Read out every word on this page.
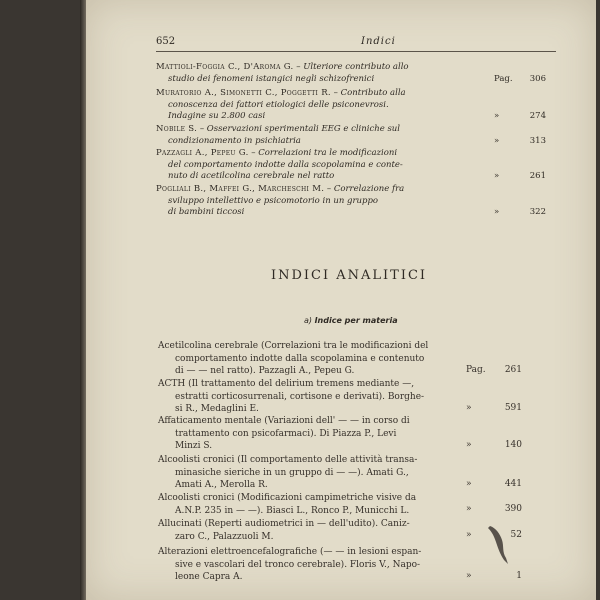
652	Indici
Mattioli-Foggia C., D'Aroma G. – Ulteriore contributo allo
studio dei fenomeni istangici negli schizofrenici	Pag. 306
Muratorio A., Simonetti C., Poggetti R. – Contributo alla
conoscenza dei fattori etiologici delle psiconevrosi.
Indagine su 2.800 casi	»	274
Nobile S. – Osservazioni sperimentali EEG e cliniche sul
condizionamento in psichiatria	»	313
Pazzagli A., Pepeu G. – Correlazioni tra le modificazioni
del comportamento indotte dalla scopolamina e conte-
nuto di acetilcolina cerebrale nel ratto	»	261
Pogliali B., Maffei G., Marcheschi M. – Correlazione fra
sviluppo intellettivo e psicomotorio in un gruppo
di bambini ticcosi	»	322
INDICI ANALITICI
a) Indice per materia
Acetilcolina cerebrale (Correlazioni tra le modificazioni del
comportamento indotte dalla scopolamina e contenuto
di — — nel ratto). Pazzagli A., Pepeu G.	Pag. 261
ACTH (Il trattamento del delirium tremens mediante —,
estratti corticosurrenali, cortisone e derivati). Borghe-
si R., Medaglini E.	»	591
Affaticamento mentale (Variazioni dell' — — in corso di
trattamento con psicofarmaci). Di Piazza P., Levi
Minzi S.	»	140
Alcoolisti cronici (Il comportamento delle attività transa-
minasiche sieriche in un gruppo di — —). Amati G.,
Amati A., Merolla R.	»	441
Alcoolisti cronici (Modificazioni campimetriche visive da
A.N.P. 235 in — —). Biasci L., Ronco P., Municchi L.	»	390
Allucinati (Reperti audiometrici in — dell'udito). Caniz-
zaro C., Palazzuoli M.	»	52
Alterazioni elettroencefalografiche (— — in lesioni espan-
sive e vascolari del tronco cerebrale). Floris V., Napo-
leone Capra A.	»	1
